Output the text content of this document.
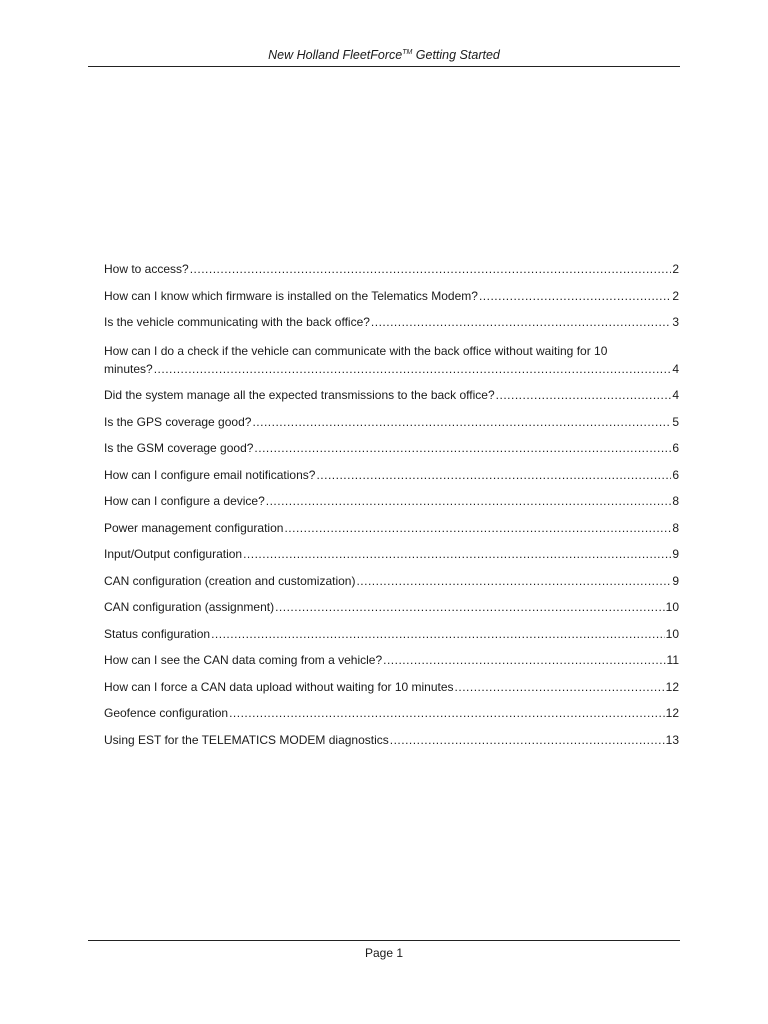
New Holland FleetForce™ Getting Started
How to access? .....	2
How can I know which firmware is installed on the Telematics Modem? .....	2
Is the vehicle communicating with the back office? .....	3
How can I do a check if the vehicle can communicate with the back office without waiting for 10
minutes? .....	4
Did the system manage all the expected transmissions to the back office? .....	4
Is the GPS coverage good? .....	5
Is the GSM coverage good? .....	6
How can I configure email notifications? .....	6
How can I configure a device? .....	8
Power management configuration .....	8
Input/Output configuration .....	9
CAN configuration (creation and customization) .....	9
CAN configuration (assignment) .....	10
Status configuration .....	10
How can I see the CAN data coming from a vehicle? .....	11
How can I force a CAN data upload without waiting for 10 minutes .....	12
Geofence configuration .....	12
Using EST for the TELEMATICS MODEM diagnostics .....	13
Page 1
